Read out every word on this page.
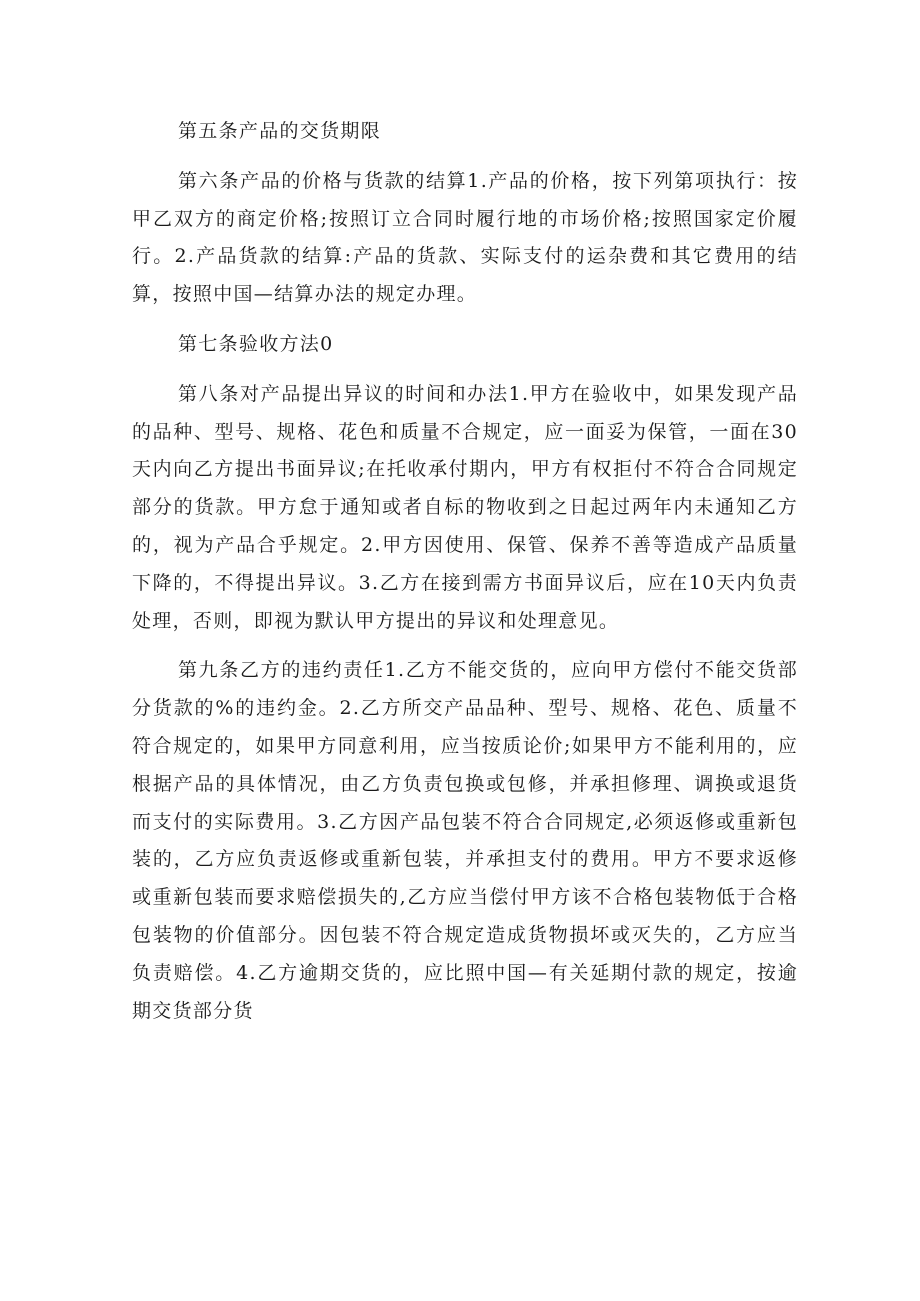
第五条产品的交货期限

第六条产品的价格与货款的结算1.产品的价格，按下列第项执行：按甲乙双方的商定价格;按照订立合同时履行地的市场价格;按照国家定价履行。2.产品货款的结算:产品的货款、实际支付的运杂费和其它费用的结算，按照中国—结算办法的规定办理。

第七条验收方法0

第八条对产品提出异议的时间和办法1.甲方在验收中，如果发现产品的品种、型号、规格、花色和质量不合规定，应一面妥为保管，一面在30天内向乙方提出书面异议;在托收承付期内，甲方有权拒付不符合合同规定部分的货款。甲方怠于通知或者自标的物收到之日起过两年内未通知乙方的，视为产品合乎规定。2.甲方因使用、保管、保养不善等造成产品质量下降的，不得提出异议。3.乙方在接到需方书面异议后，应在10天内负责处理，否则，即视为默认甲方提出的异议和处理意见。

第九条乙方的违约责任1.乙方不能交货的，应向甲方偿付不能交货部分货款的%的违约金。2.乙方所交产品品种、型号、规格、花色、质量不符合规定的，如果甲方同意利用，应当按质论价;如果甲方不能利用的，应根据产品的具体情况，由乙方负责包换或包修，并承担修理、调换或退货而支付的实际费用。3.乙方因产品包装不符合合同规定,必须返修或重新包装的，乙方应负责返修或重新包装，并承担支付的费用。甲方不要求返修或重新包装而要求赔偿损失的,乙方应当偿付甲方该不合格包装物低于合格包装物的价值部分。因包装不符合规定造成货物损坏或灭失的，乙方应当负责赔偿。4.乙方逾期交货的，应比照中国—有关延期付款的规定，按逾期交货部分货
